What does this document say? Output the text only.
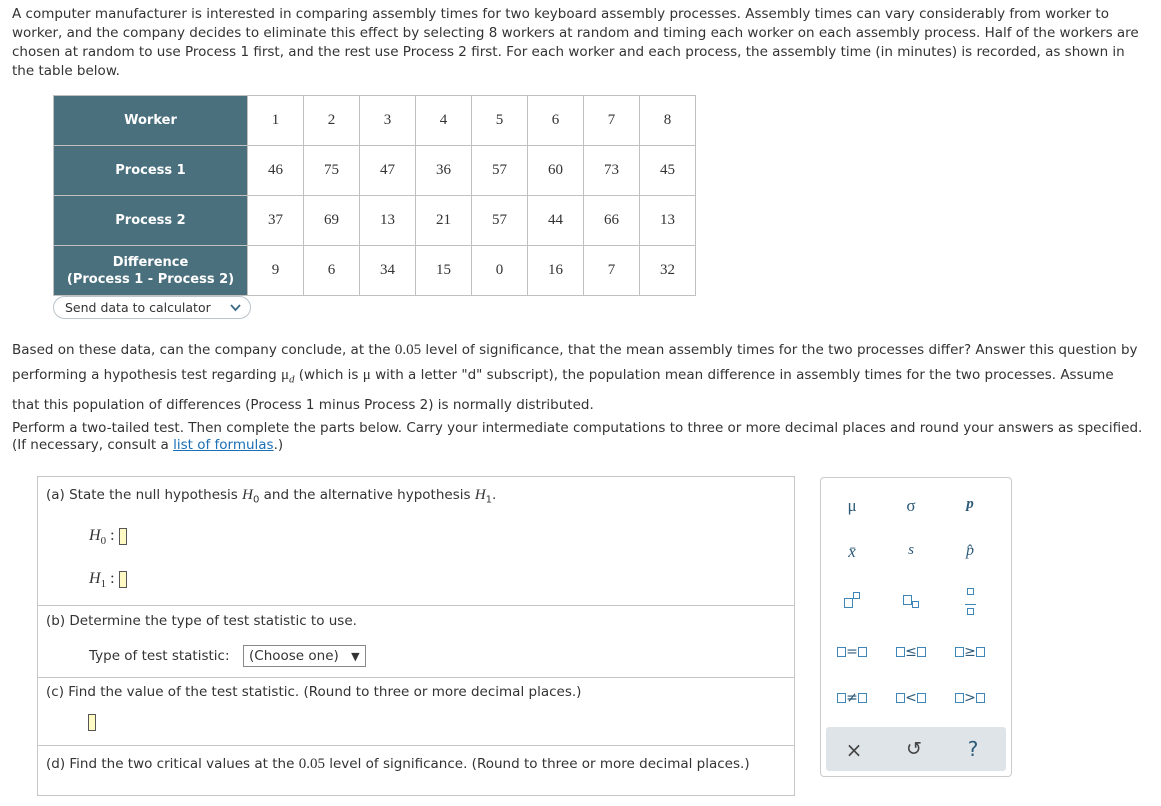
A computer manufacturer is interested in comparing assembly times for two keyboard assembly processes. Assembly times can vary considerably from worker to worker, and the company decides to eliminate this effect by selecting 8 workers at random and timing each worker on each assembly process. Half of the workers are chosen at random to use Process 1 first, and the rest use Process 2 first. For each worker and each process, the assembly time (in minutes) is recorded, as shown in the table below.

Worker	1	2	3	4	5	6	7	8
Process 1	46	75	47	36	57	60	73	45
Process 2	37	69	13	21	57	44	66	13
Difference
(Process 1 - Process 2)	9	6	34	15	0	16	7	32
Send data to calculator

Based on these data, can the company conclude, at the 0.05 level of significance, that the mean assembly times for the two processes differ? Answer this question by performing a hypothesis test regarding $\mu_d$ (which is μ with a letter "d" subscript), the population mean difference in assembly times for the two processes. Assume that this population of differences (Process 1 minus Process 2) is normally distributed.

Perform a two-tailed test. Then complete the parts below. Carry your intermediate computations to three or more decimal places and round your answers as specified. (If necessary, consult a list of formulas.)

(a) State the null hypothesis $H_0$ and the alternative hypothesis $H_1$.
$H_0$ :
$H_1$ :
(b) Determine the type of test statistic to use.
Type of test statistic:	(Choose one) ▼
(c) Find the value of the test statistic. (Round to three or more decimal places.)
(d) Find the two critical values at the 0.05 level of significance. (Round to three or more decimal places.)
μ	σ	p
x̄	s	p̂

=	≤	≥
≠	<	>
×	↺	?
